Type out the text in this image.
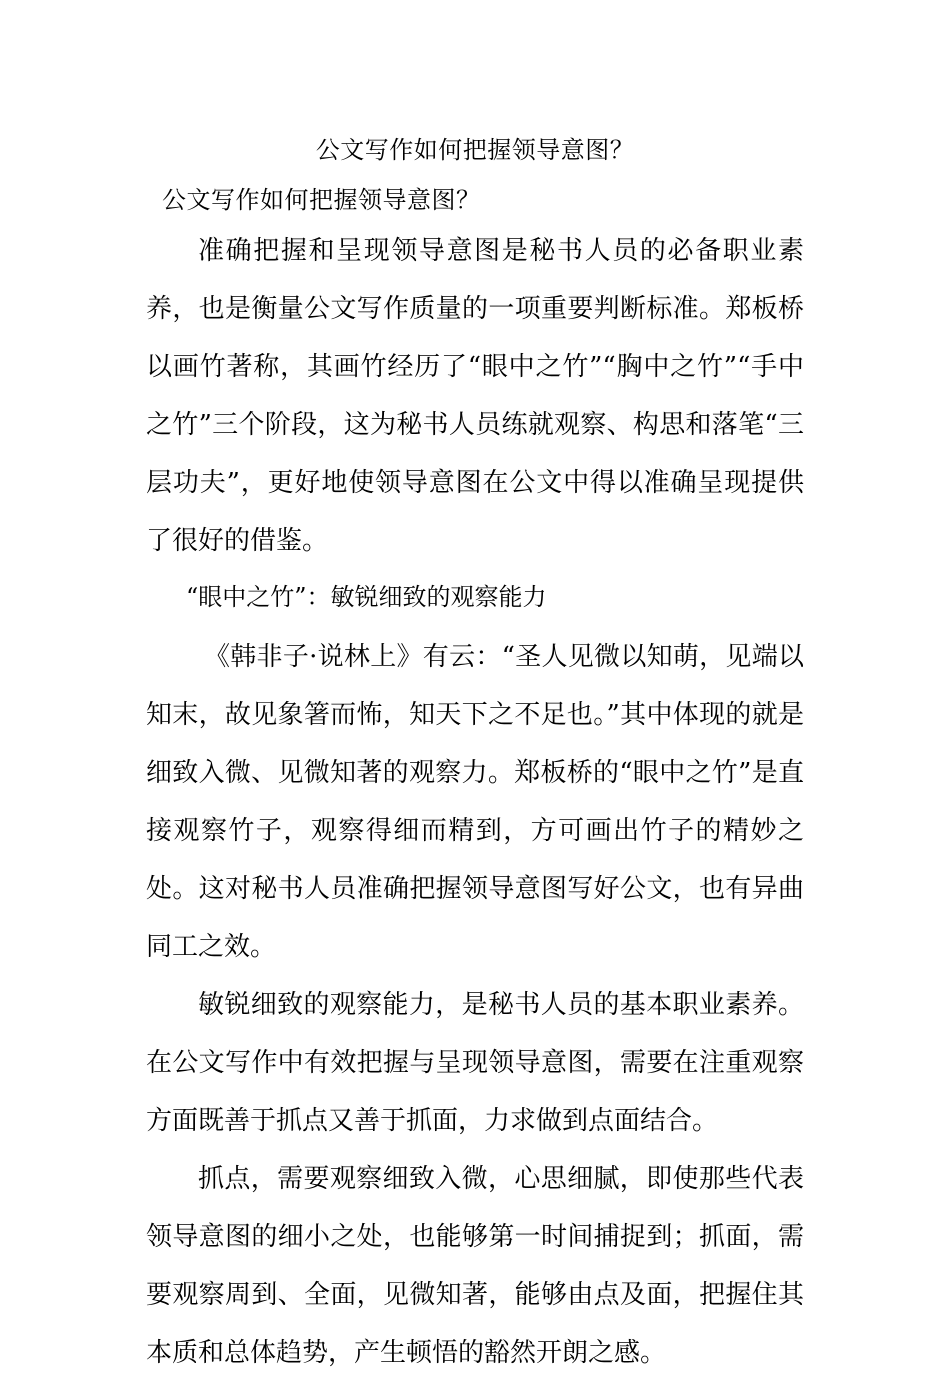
公文写作如何把握领导意图？
公文写作如何把握领导意图？

准确把握和呈现领导意图是秘书人员的必备职业素养，也是衡量公文写作质量的一项重要判断标准。郑板桥以画竹著称，其画竹经历了“眼中之竹”“胸中之竹”“手中之竹”三个阶段，这为秘书人员练就观察、构思和落笔“三层功夫”，更好地使领导意图在公文中得以准确呈现提供了很好的借鉴。

“眼中之竹”：敏锐细致的观察能力

《韩非子·说林上》有云：“圣人见微以知萌，见端以知末，故见象箸而怖，知天下之不足也。”其中体现的就是细致入微、见微知著的观察力。郑板桥的“眼中之竹”是直接观察竹子，观察得细而精到，方可画出竹子的精妙之处。这对秘书人员准确把握领导意图写好公文，也有异曲同工之效。

敏锐细致的观察能力，是秘书人员的基本职业素养。在公文写作中有效把握与呈现领导意图，需要在注重观察方面既善于抓点又善于抓面，力求做到点面结合。

抓点，需要观察细致入微，心思细腻，即使那些代表领导意图的细小之处，也能够第一时间捕捉到；抓面，需要观察周到、全面，见微知著，能够由点及面，把握住其本质和总体趋势，产生顿悟的豁然开朗之感。
